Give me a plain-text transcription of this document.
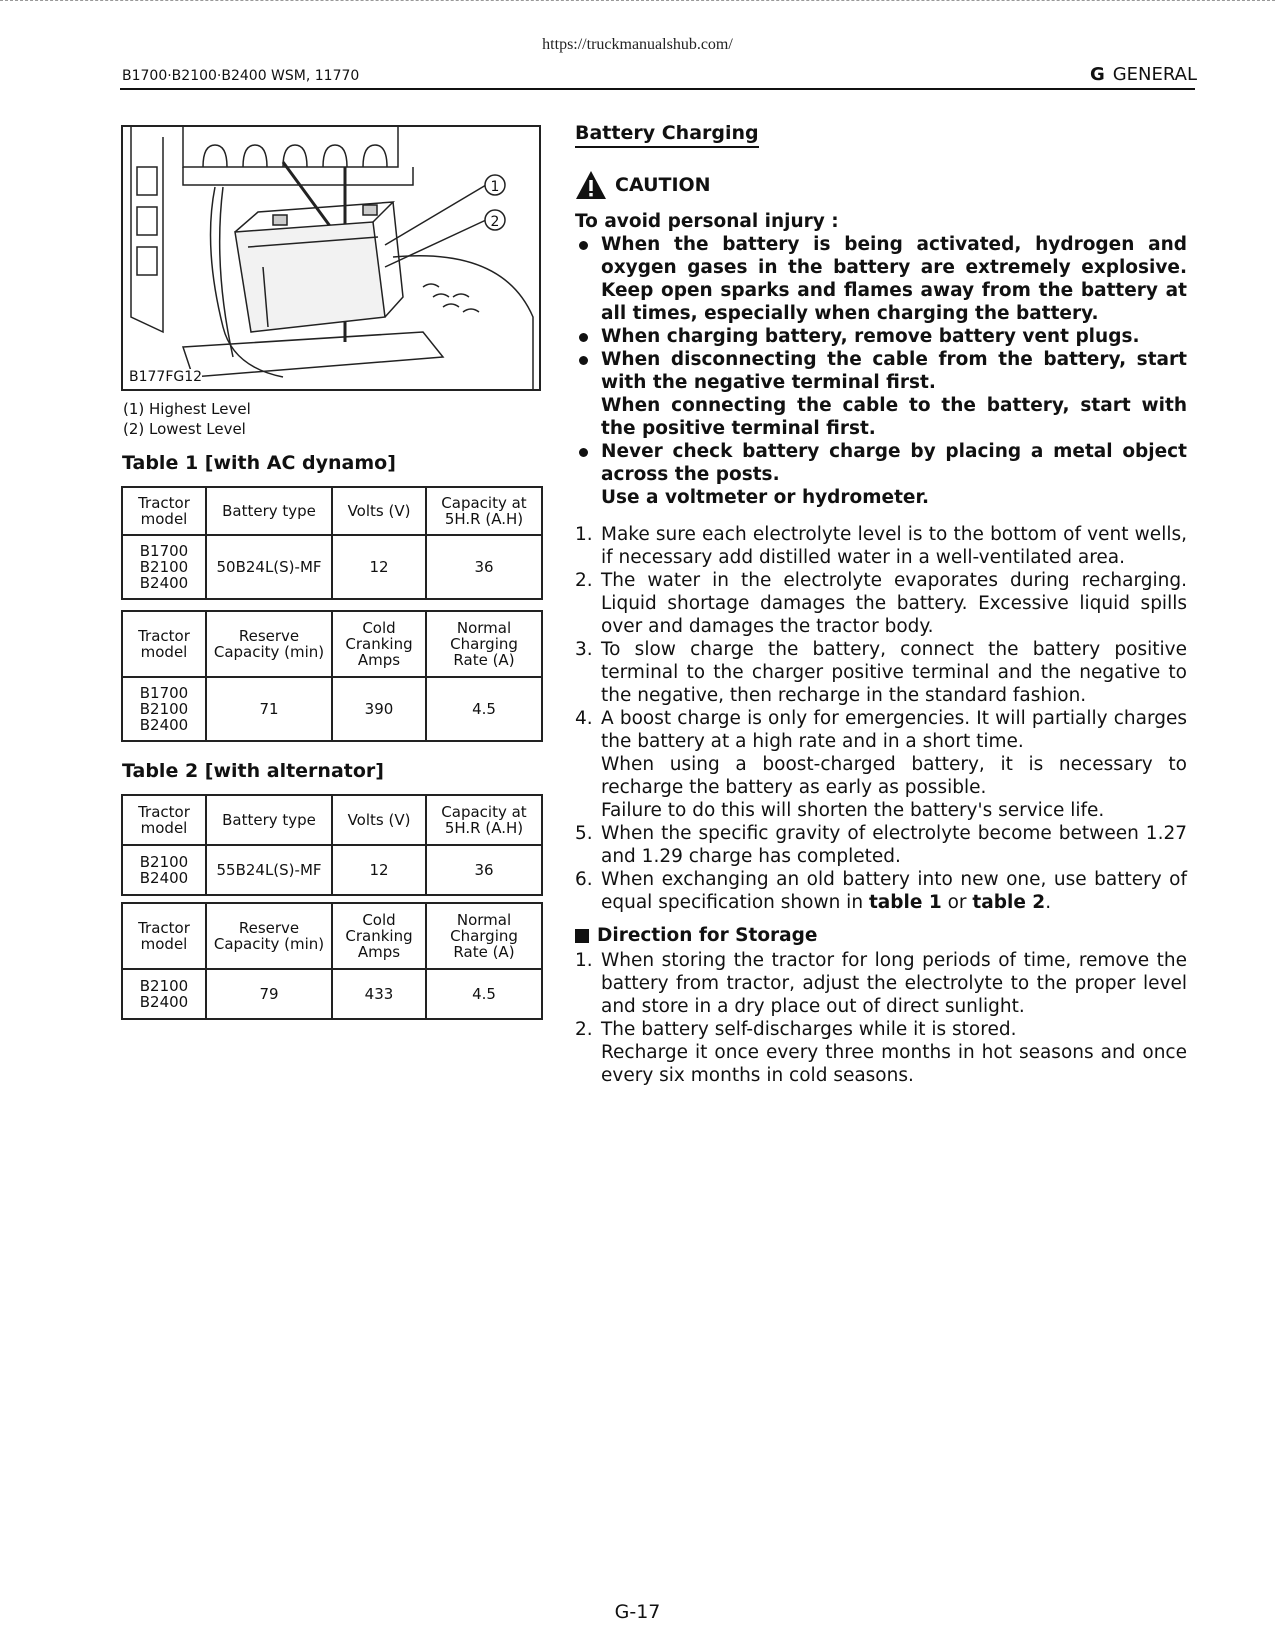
https://truckmanualshub.com/
B1700·B2100·B2400 WSM, 11770	G GENERAL
1
2
B177FG12
(1) Highest Level
(2) Lowest Level
Table 1 [with AC dynamo]
Tractor model	Battery type	Volts (V)	Capacity at 5H.R (A.H)
B1700
B2100
B2400	50B24L(S)-MF	12	36
Tractor model	Reserve Capacity (min)	Cold Cranking Amps	Normal Charging Rate (A)
B1700
B2100
B2400	71	390	4.5
Table 2 [with alternator]
Tractor model	Battery type	Volts (V)	Capacity at 5H.R (A.H)
B2100
B2400	55B24L(S)-MF	12	36
Tractor model	Reserve Capacity (min)	Cold Cranking Amps	Normal Charging Rate (A)
B2100
B2400	79	433	4.5
Battery Charging
CAUTION
To avoid personal injury :
When the battery is being activated, hydrogen and oxygen gases in the battery are extremely explosive. Keep open sparks and flames away from the battery at all times, especially when charging the battery.
When charging battery, remove battery vent plugs.
When disconnecting the cable from the battery, start with the negative terminal first.
When connecting the cable to the battery, start with the positive terminal first.
Never check battery charge by placing a metal object across the posts.
Use a voltmeter or hydrometer.
1. Make sure each electrolyte level is to the bottom of vent wells, if necessary add distilled water in a well-ventilated area.
2. The water in the electrolyte evaporates during recharging. Liquid shortage damages the battery. Excessive liquid spills over and damages the tractor body.
3. To slow charge the battery, connect the battery positive terminal to the charger positive terminal and the negative to the negative, then recharge in the standard fashion.
4. A boost charge is only for emergencies. It will partially charges the battery at a high rate and in a short time.
When using a boost-charged battery, it is necessary to recharge the battery as early as possible.
Failure to do this will shorten the battery's service life.
5. When the specific gravity of electrolyte become between 1.27 and 1.29 charge has completed.
6. When exchanging an old battery into new one, use battery of equal specification shown in table 1 or table 2.
Direction for Storage
1. When storing the tractor for long periods of time, remove the battery from tractor, adjust the electrolyte to the proper level and store in a dry place out of direct sunlight.
2. The battery self-discharges while it is stored.
Recharge it once every three months in hot seasons and once every six months in cold seasons.
G-17
